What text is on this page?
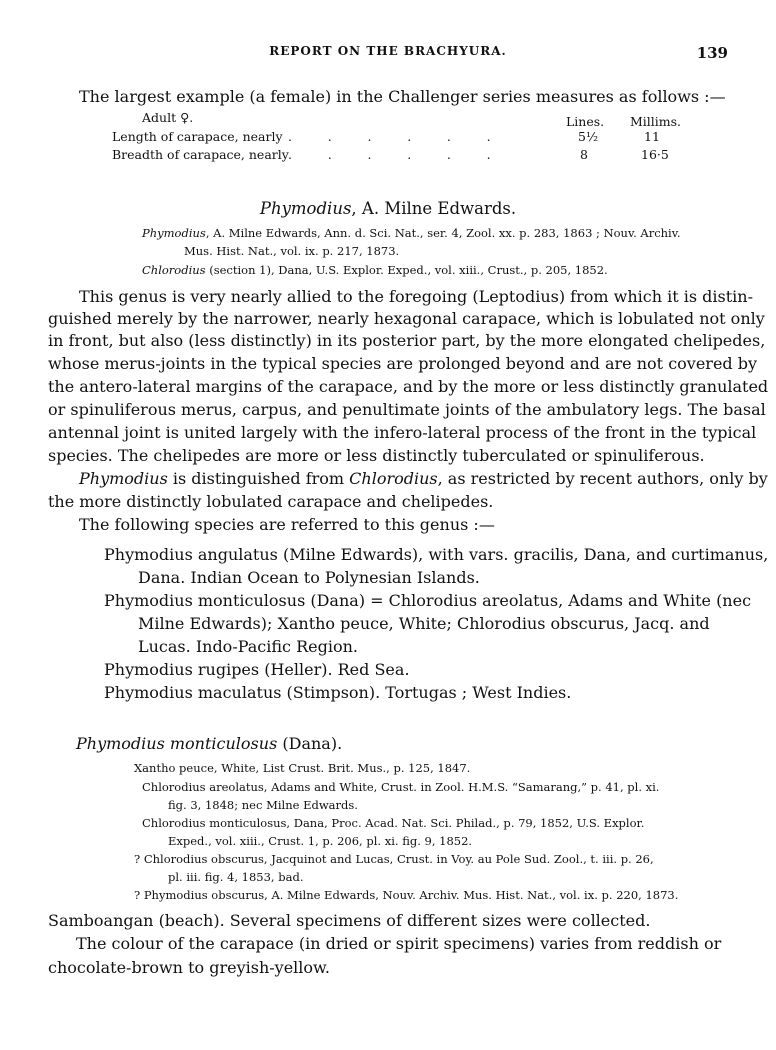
REPORT ON THE BRACHYURA.	139
The largest example (a female) in the Challenger series measures as follows :—
Adult ♀.	Lines. Millims.
Length of carapace, nearly .         .         .         .         .         .	5½	11
Breadth of carapace, nearly .         .         .         .         .         .	8	16·5
Phymodius, A. Milne Edwards.
Phymodius, A. Milne Edwards, Ann. d. Sci. Nat., ser. 4, Zool. xx. p. 283, 1863 ; Nouv. Archiv.
Mus. Hist. Nat., vol. ix. p. 217, 1873.
Chlorodius (section 1), Dana, U.S. Explor. Exped., vol. xiii., Crust., p. 205, 1852.
This genus is very nearly allied to the foregoing (Leptodius) from which it is distin-
guished merely by the narrower, nearly hexagonal carapace, which is lobulated not only
in front, but also (less distinctly) in its posterior part, by the more elongated chelipedes,
whose merus-joints in the typical species are prolonged beyond and are not covered by
the antero-lateral margins of the carapace, and by the more or less distinctly granulated
or spinuliferous merus, carpus, and penultimate joints of the ambulatory legs. The basal
antennal joint is united largely with the infero-lateral process of the front in the typical
species. The chelipedes are more or less distinctly tuberculated or spinuliferous.
Phymodius is distinguished from Chlorodius, as restricted by recent authors, only by
the more distinctly lobulated carapace and chelipedes.
The following species are referred to this genus :—
Phymodius angulatus (Milne Edwards), with vars. gracilis, Dana, and curtimanus,
Dana. Indian Ocean to Polynesian Islands.
Phymodius monticulosus (Dana) = Chlorodius areolatus, Adams and White (nec
Milne Edwards); Xantho peuce, White; Chlorodius obscurus, Jacq. and
Lucas. Indo-Pacific Region.
Phymodius rugipes (Heller). Red Sea.
Phymodius maculatus (Stimpson). Tortugas ; West Indies.
Phymodius monticulosus (Dana).
Xantho peuce, White, List Crust. Brit. Mus., p. 125, 1847.
Chlorodius areolatus, Adams and White, Crust. in Zool. H.M.S. “Samarang,” p. 41, pl. xi.
fig. 3, 1848; nec Milne Edwards.
Chlorodius monticulosus, Dana, Proc. Acad. Nat. Sci. Philad., p. 79, 1852, U.S. Explor.
Exped., vol. xiii., Crust. 1, p. 206, pl. xi. fig. 9, 1852.
? Chlorodius obscurus, Jacquinot and Lucas, Crust. in Voy. au Pole Sud. Zool., t. iii. p. 26,
pl. iii. fig. 4, 1853, bad.
? Phymodius obscurus, A. Milne Edwards, Nouv. Archiv. Mus. Hist. Nat., vol. ix. p. 220, 1873.
Samboangan (beach). Several specimens of different sizes were collected.
The colour of the carapace (in dried or spirit specimens) varies from reddish or
chocolate-brown to greyish-yellow.
